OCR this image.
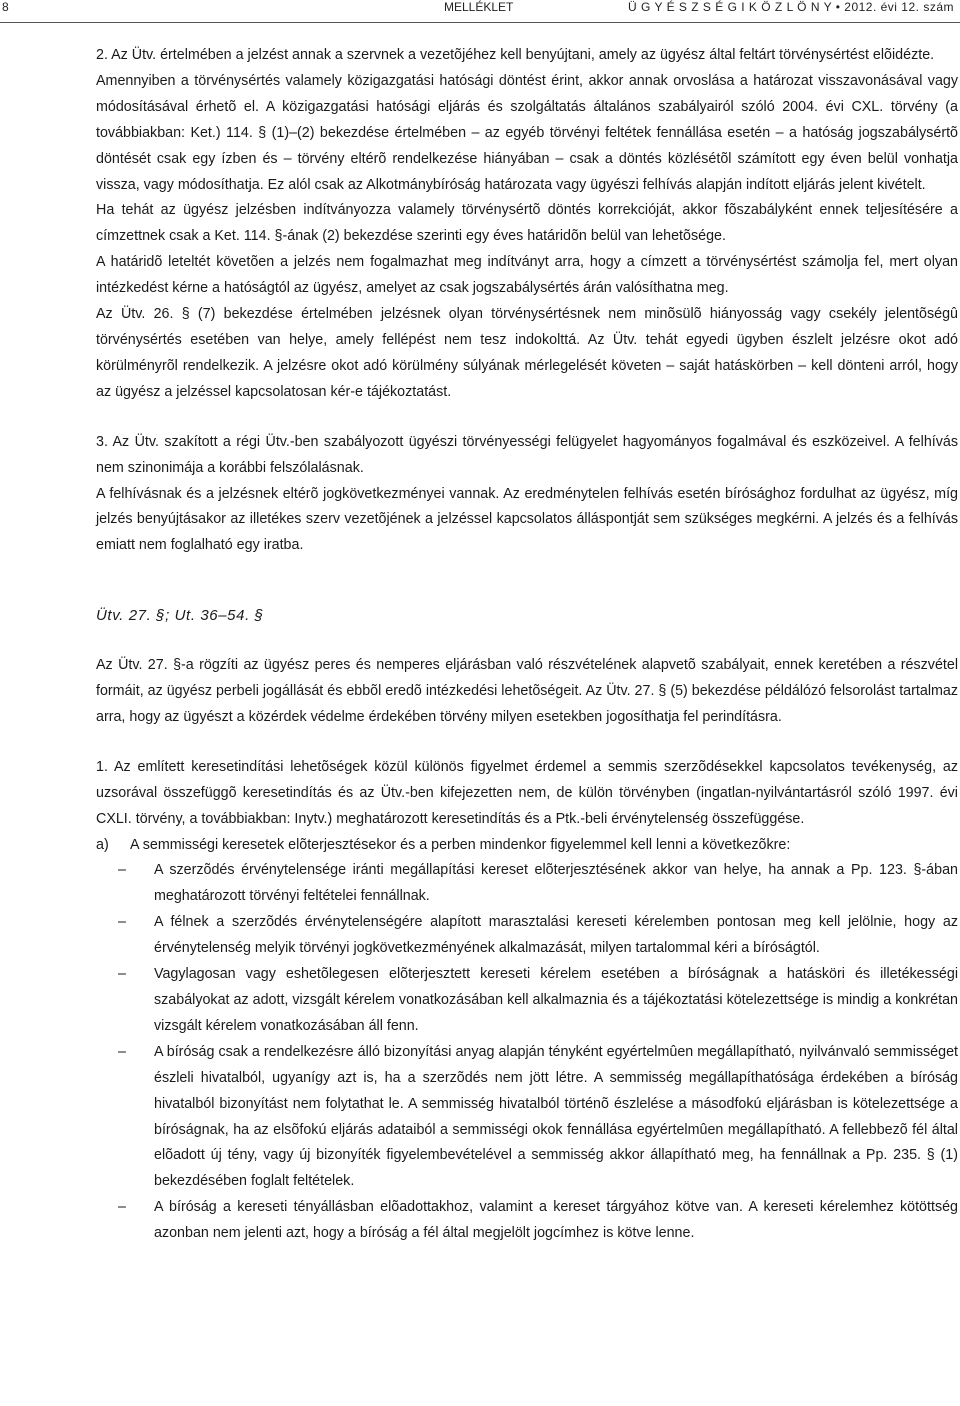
8	MELLÉKLET	Ü G Y É S Z S É G I K Ö Z L Ö N Y • 2012. évi 12. szám

2. Az Ütv. értelmében a jelzést annak a szervnek a vezetõjéhez kell benyújtani, amely az ügyész által feltárt törvénysértést elõidézte.

Amennyiben a törvénysértés valamely közigazgatási hatósági döntést érint, akkor annak orvoslása a határozat visszavonásával vagy módosításával érhetõ el. A közigazgatási hatósági eljárás és szolgáltatás általános szabályairól szóló 2004. évi CXL. törvény (a továbbiakban: Ket.) 114. § (1)–(2) bekezdése értelmében – az egyéb törvényi feltétek fennállása esetén – a hatóság jogszabálysértõ döntését csak egy ízben és – törvény eltérõ rendelkezése hiányában – csak a döntés közlésétõl számított egy éven belül vonhatja vissza, vagy módosíthatja. Ez alól csak az Alkotmánybíróság határozata vagy ügyészi felhívás alapján indított eljárás jelent kivételt.

Ha tehát az ügyész jelzésben indítványozza valamely törvénysértõ döntés korrekcióját, akkor fõszabályként ennek teljesítésére a címzettnek csak a Ket. 114. §-ának (2) bekezdése szerinti egy éves határidõn belül van lehetõsége.

A határidõ leteltét követõen a jelzés nem fogalmazhat meg indítványt arra, hogy a címzett a törvénysértést számolja fel, mert olyan intézkedést kérne a hatóságtól az ügyész, amelyet az csak jogszabálysértés árán valósíthatna meg.

Az Ütv. 26. § (7) bekezdése értelmében jelzésnek olyan törvénysértésnek nem minõsülõ hiányosság vagy csekély jelentõségû törvénysértés esetében van helye, amely fellépést nem tesz indokolttá. Az Ütv. tehát egyedi ügyben észlelt jelzésre okot adó körülményrõl rendelkezik. A jelzésre okot adó körülmény súlyának mérlegelését követen – saját hatáskörben – kell dönteni arról, hogy az ügyész a jelzéssel kapcsolatosan kér-e tájékoztatást.

3. Az Ütv. szakított a régi Ütv.-ben szabályozott ügyészi törvényességi felügyelet hagyományos fogalmával és eszközeivel. A felhívás nem szinonimája a korábbi felszólalásnak.

A felhívásnak és a jelzésnek eltérõ jogkövetkezményei vannak. Az eredménytelen felhívás esetén bírósághoz fordulhat az ügyész, míg jelzés benyújtásakor az illetékes szerv vezetõjének a jelzéssel kapcsolatos álláspontját sem szükséges megkérni. A jelzés és a felhívás emiatt nem foglalható egy iratba.

Ütv. 27. §; Ut. 36–54. §

Az Ütv. 27. §-a rögzíti az ügyész peres és nemperes eljárásban való részvételének alapvetõ szabályait, ennek keretében a részvétel formáit, az ügyész perbeli jogállását és ebbõl eredõ intézkedési lehetõségeit. Az Ütv. 27. § (5) bekezdése példálózó felsorolást tartalmaz arra, hogy az ügyészt a közérdek védelme érdekében törvény milyen esetekben jogosíthatja fel perindításra.

1. Az említett keresetindítási lehetõségek közül különös figyelmet érdemel a semmis szerzõdésekkel kapcsolatos tevékenység, az uzsorával összefüggõ keresetindítás és az Ütv.-ben kifejezetten nem, de külön törvényben (ingatlan-nyilvántartásról szóló 1997. évi CXLI. törvény, a továbbiakban: Inytv.) meghatározott keresetindítás és a Ptk.-beli érvénytelenség összefüggése.

a)	A semmisségi keresetek elõterjesztésekor és a perben mindenkor figyelemmel kell lenni a következõkre:
–	A szerzõdés érvénytelensége iránti megállapítási kereset elõterjesztésének akkor van helye, ha annak a Pp. 123. §-ában meghatározott törvényi feltételei fennállnak.
–	A félnek a szerzõdés érvénytelenségére alapított marasztalási kereseti kérelemben pontosan meg kell jelölnie, hogy az érvénytelenség melyik törvényi jogkövetkezményének alkalmazását, milyen tartalommal kéri a bíróságtól.
–	Vagylagosan vagy eshetõlegesen elõterjesztett kereseti kérelem esetében a bíróságnak a hatásköri és illetékességi szabályokat az adott, vizsgált kérelem vonatkozásában kell alkalmaznia és a tájékoztatási kötelezettsége is mindig a konkrétan vizsgált kérelem vonatkozásában áll fenn.
–	A bíróság csak a rendelkezésre álló bizonyítási anyag alapján tényként egyértelmûen megállapítható, nyilvánvaló semmisséget észleli hivatalból, ugyanígy azt is, ha a szerzõdés nem jött létre. A semmisség megállapíthatósága érdekében a bíróság hivatalból bizonyítást nem folytathat le. A semmisség hivatalból történõ észlelése a másodfokú eljárásban is kötelezettsége a bíróságnak, ha az elsõfokú eljárás adataiból a semmisségi okok fennállása egyértelmûen megállapítható. A fellebbezõ fél által elõadott új tény, vagy új bizonyíték figyelembevételével a semmisség akkor állapítható meg, ha fennállnak a Pp. 235. § (1) bekezdésében foglalt feltételek.
–	A bíróság a kereseti tényállásban elõadottakhoz, valamint a kereset tárgyához kötve van. A kereseti kérelemhez kötöttség azonban nem jelenti azt, hogy a bíróság a fél által megjelölt jogcímhez is kötve lenne.
